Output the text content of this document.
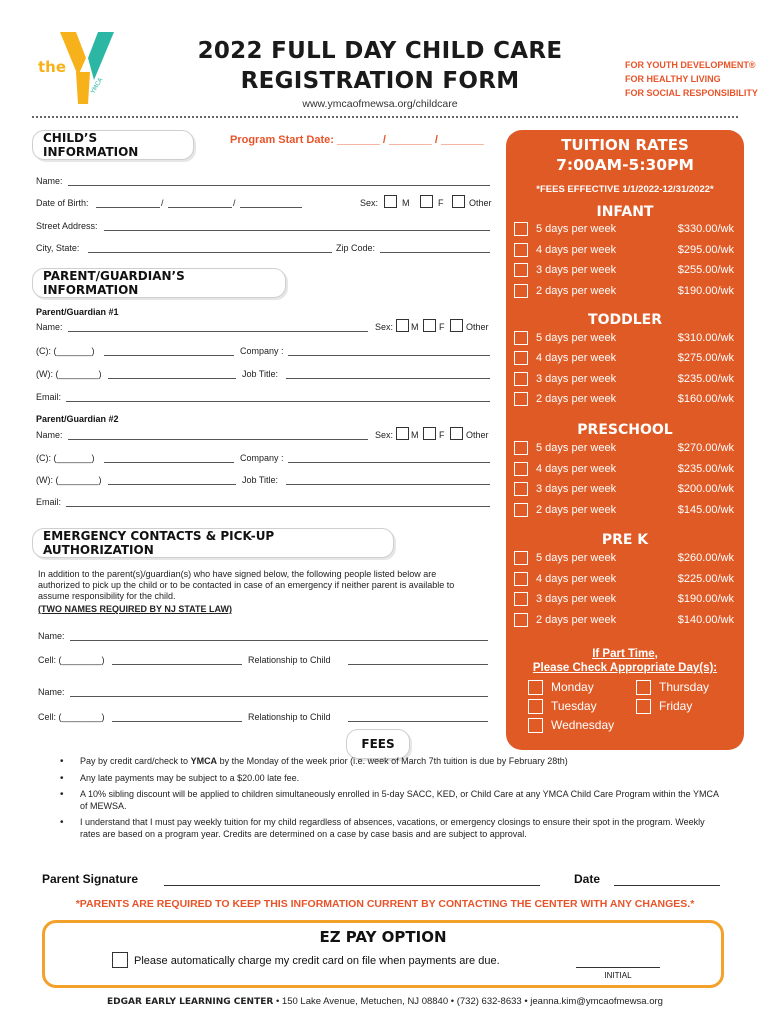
the
YMCA
2022 FULL DAY CHILD CARE
REGISTRATION FORM
www.ymcaofmewsa.org/childcare
FOR YOUTH DEVELOPMENT®
FOR HEALTHY LIVING
FOR SOCIAL RESPONSIBILITY
CHILD’S INFORMATION
Program Start Date: _______ / _______ / _______
Name:
Date of Birth:	/	/	Sex:	M	F	Other
Street Address:
City, State:	Zip Code:
PARENT/GUARDIAN’S INFORMATION
Parent/Guardian #1
Name:	Sex: M F Other
(C): (_______)	Company :
(W): (________)	Job Title:
Email:
Parent/Guardian #2
Name:	Sex: M F Other
(C): (_______)	Company :
(W): (________)	Job Title:
Email:
EMERGENCY CONTACTS & PICK-UP AUTHORIZATION
In addition to the parent(s)/guardian(s) who have signed below, the following people listed below are authorized to pick up the child or to be contacted in case of an emergency if neither parent is available to assume responsibility for the child.
(TWO NAMES REQUIRED BY NJ STATE LAW)
Name:
Cell: (________)	Relationship to Child
Name:
Cell: (________)	Relationship to Child
TUITION RATES
7:00AM-5:30PM
*FEES EFFECTIVE 1/1/2022-12/31/2022*
INFANT
5 days per week	$330.00/wk
4 days per week	$295.00/wk
3 days per week	$255.00/wk
2 days per week	$190.00/wk
TODDLER
5 days per week	$310.00/wk
4 days per week	$275.00/wk
3 days per week	$235.00/wk
2 days per week	$160.00/wk
PRESCHOOL
5 days per week	$270.00/wk
4 days per week	$235.00/wk
3 days per week	$200.00/wk
2 days per week	$145.00/wk
PRE K
5 days per week	$260.00/wk
4 days per week	$225.00/wk
3 days per week	$190.00/wk
2 days per week	$140.00/wk
If Part Time,
Please Check Appropriate Day(s):
Monday
Tuesday
Wednesday
Thursday
Friday
FEES
• Pay by credit card/check to YMCA by the Monday of the week prior (i.e. week of March 7th tuition is due by February 28th)
• Any late payments may be subject to a $20.00 late fee.
• A 10% sibling discount will be applied to children simultaneously enrolled in 5-day SACC, KED, or Child Care at any YMCA Child Care Program within the YMCA of MEWSA.
• I understand that I must pay weekly tuition for my child regardless of absences, vacations, or emergency closings to ensure their spot in the program. Weekly rates are based on a program year. Credits are determined on a case by case basis and are subject to approval.
Parent Signature	Date
*PARENTS ARE REQUIRED TO KEEP THIS INFORMATION CURRENT BY CONTACTING THE CENTER WITH ANY CHANGES.*
EZ PAY OPTION
Please automatically charge my credit card on file when payments are due.
INITIAL
EDGAR EARLY LEARNING CENTER • 150 Lake Avenue, Metuchen, NJ 08840 • (732) 632-8633 • jeanna.kim@ymcaofmewsa.org
